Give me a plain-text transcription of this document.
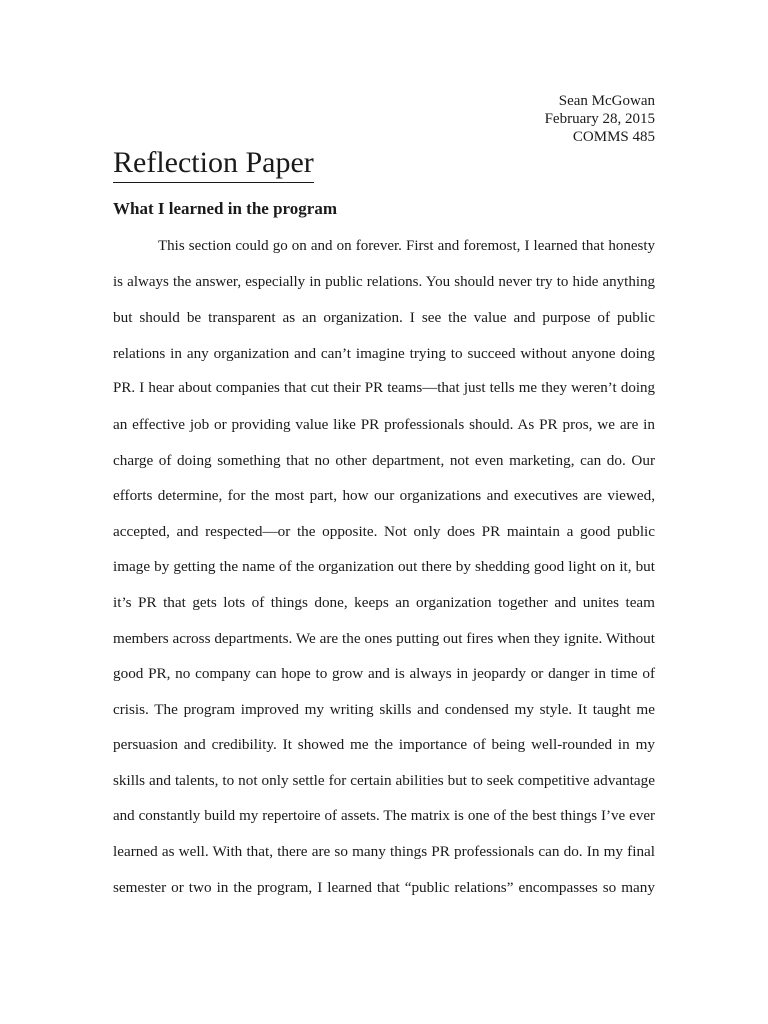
Sean McGowan
February 28, 2015
COMMS 485
Reflection Paper
What I learned in the program
This section could go on and on forever. First and foremost, I learned that honesty
is always the answer, especially in public relations. You should never try to hide anything
but should be transparent as an organization. I see the value and purpose of public
relations in any organization and can’t imagine trying to succeed without anyone doing
PR. I hear about companies that cut their PR teams—that just tells me they weren’t doing
an effective job or providing value like PR professionals should. As PR pros, we are in
charge of doing something that no other department, not even marketing, can do. Our
efforts determine, for the most part, how our organizations and executives are viewed,
accepted, and respected—or the opposite. Not only does PR maintain a good public
image by getting the name of the organization out there by shedding good light on it, but
it’s PR that gets lots of things done, keeps an organization together and unites team
members across departments. We are the ones putting out fires when they ignite. Without
good PR, no company can hope to grow and is always in jeopardy or danger in time of
crisis. The program improved my writing skills and condensed my style. It taught me
persuasion and credibility. It showed me the importance of being well-rounded in my
skills and talents, to not only settle for certain abilities but to seek competitive advantage
and constantly build my repertoire of assets. The matrix is one of the best things I’ve ever
learned as well. With that, there are so many things PR professionals can do. In my final
semester or two in the program, I learned that “public relations” encompasses so many
